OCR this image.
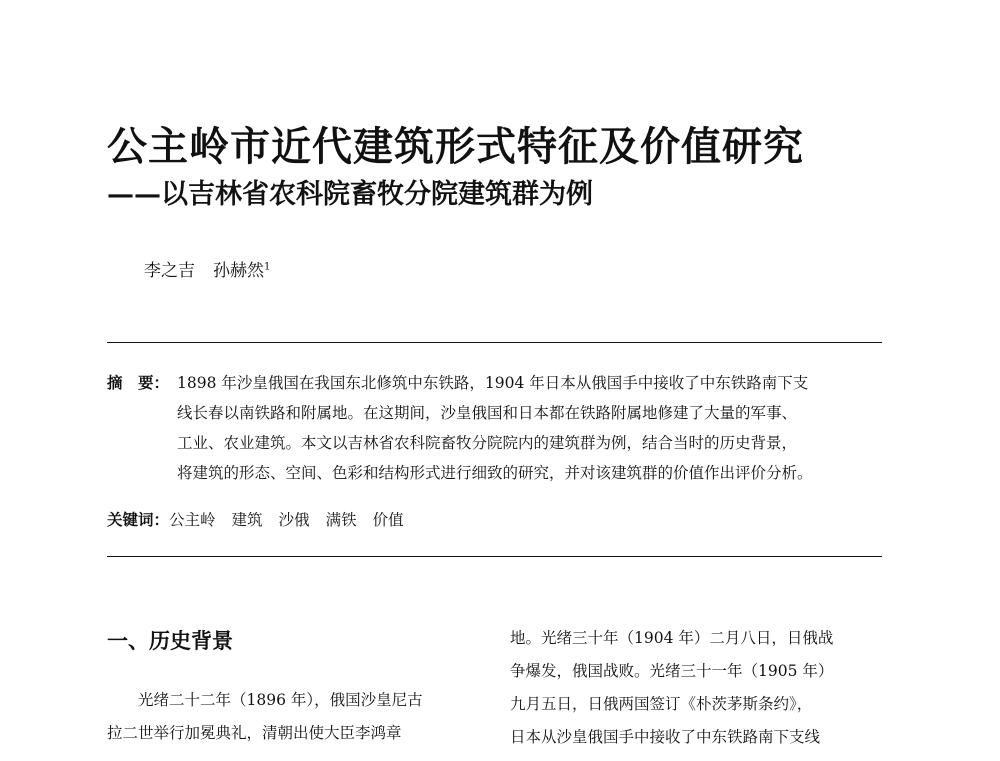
公主岭市近代建筑形式特征及价值研究
——以吉林省农科院畜牧分院建筑群为例
李之吉 孙赫然$^1$
摘　要： 1898 年沙皇俄国在我国东北修筑中东铁路，1904 年日本从俄国手中接收了中东铁路南下支
线长春以南铁路和附属地。在这期间，沙皇俄国和日本都在铁路附属地修建了大量的军事、
工业、农业建筑。本文以吉林省农科院畜牧分院院内的建筑群为例，结合当时的历史背景，
将建筑的形态、空间、色彩和结构形式进行细致的研究，并对该建筑群的价值作出评价分析。
关键词：公主岭 建筑 沙俄 满铁 价值
一、历史背景
光绪二十二年（1896 年），俄国沙皇尼古
拉二世举行加冕典礼，清朝出使大臣李鸿章
地。光绪三十年（1904 年）二月八日，日俄战
争爆发，俄国战败。光绪三十一年（1905 年）
九月五日，日俄两国签订《朴茨茅斯条约》，
日本从沙皇俄国手中接收了中东铁路南下支线
